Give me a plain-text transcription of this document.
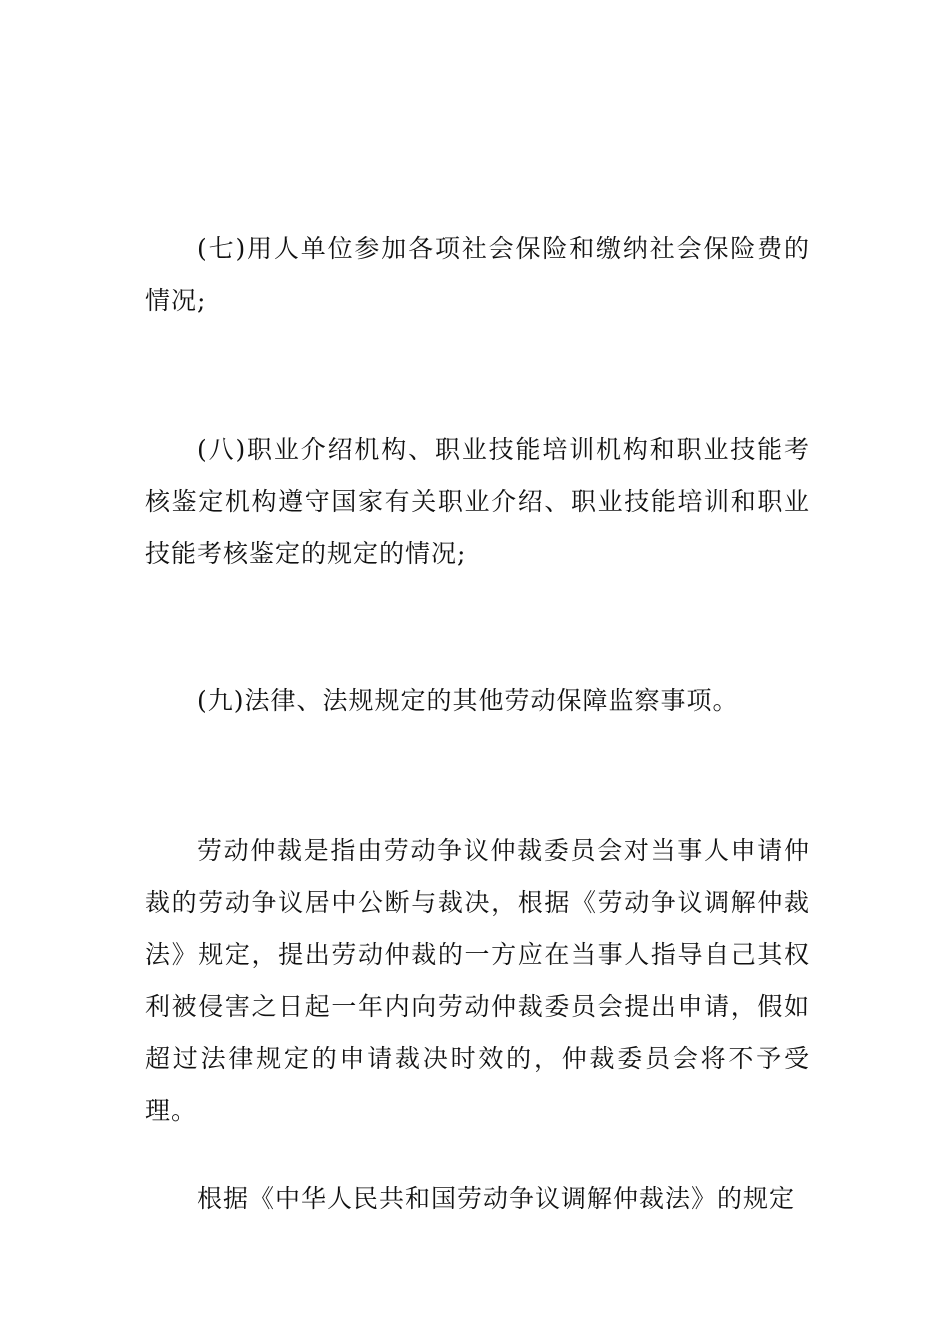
(七)用人单位参加各项社会保险和缴纳社会保险费的情况;

(八)职业介绍机构、职业技能培训机构和职业技能考核鉴定机构遵守国家有关职业介绍、职业技能培训和职业技能考核鉴定的规定的情况;

(九)法律、法规规定的其他劳动保障监察事项。

劳动仲裁是指由劳动争议仲裁委员会对当事人申请仲裁的劳动争议居中公断与裁决，根据《劳动争议调解仲裁法》规定，提出劳动仲裁的一方应在当事人指导自己其权利被侵害之日起一年内向劳动仲裁委员会提出申请，假如超过法律规定的申请裁决时效的，仲裁委员会将不予受理。

根据《中华人民共和国劳动争议调解仲裁法》的规定
